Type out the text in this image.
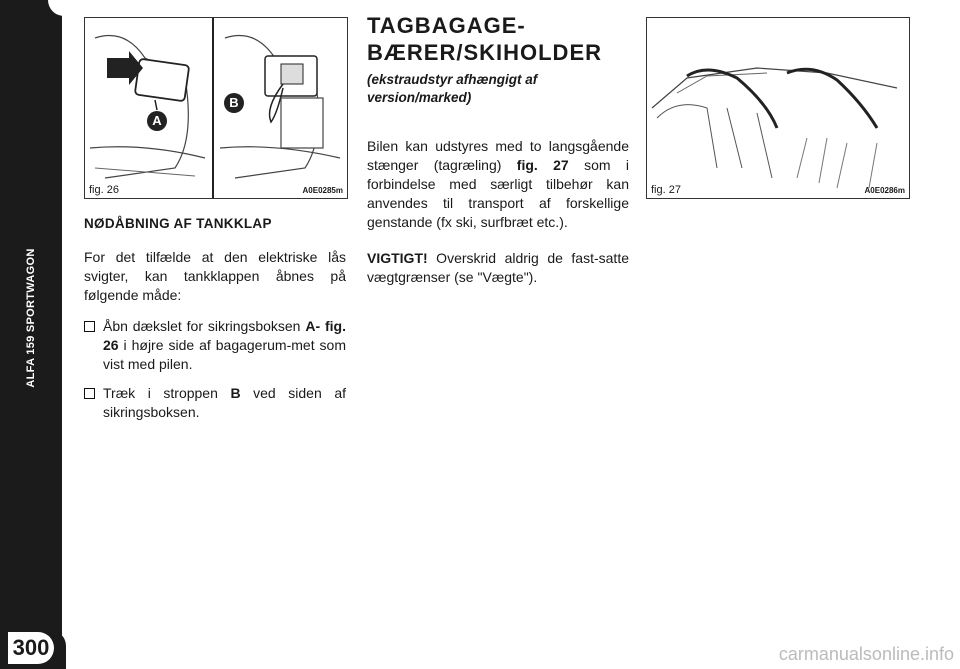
ALFA 159 SPORTWAGON
300
A
B
fig. 26	A0E0285m	fig. 27	A0E0286m
NØDÅBNING AF TANKKLAP
For det tilfælde at den elektriske lås svigter, kan tankklappen åbnes på følgende måde:
Åbn dækslet for sikringsboksen A- fig. 26 i højre side af bagagerum-met som vist med pilen.
Træk i stroppen B ved siden af sikringsboksen.
TAGBAGAGE-
BÆRER/SKIHOLDER
(ekstraudstyr afhængigt af version/marked)
Bilen kan udstyres med to langsgående stænger (tagræling) fig. 27 som i forbindelse med særligt tilbehør kan anvendes til transport af forskellige genstande (fx ski, surfbræt etc.).
VIGTIGT! Overskrid aldrig de fast-satte vægtgrænser (se "Vægte").
carmanualsonline.info
